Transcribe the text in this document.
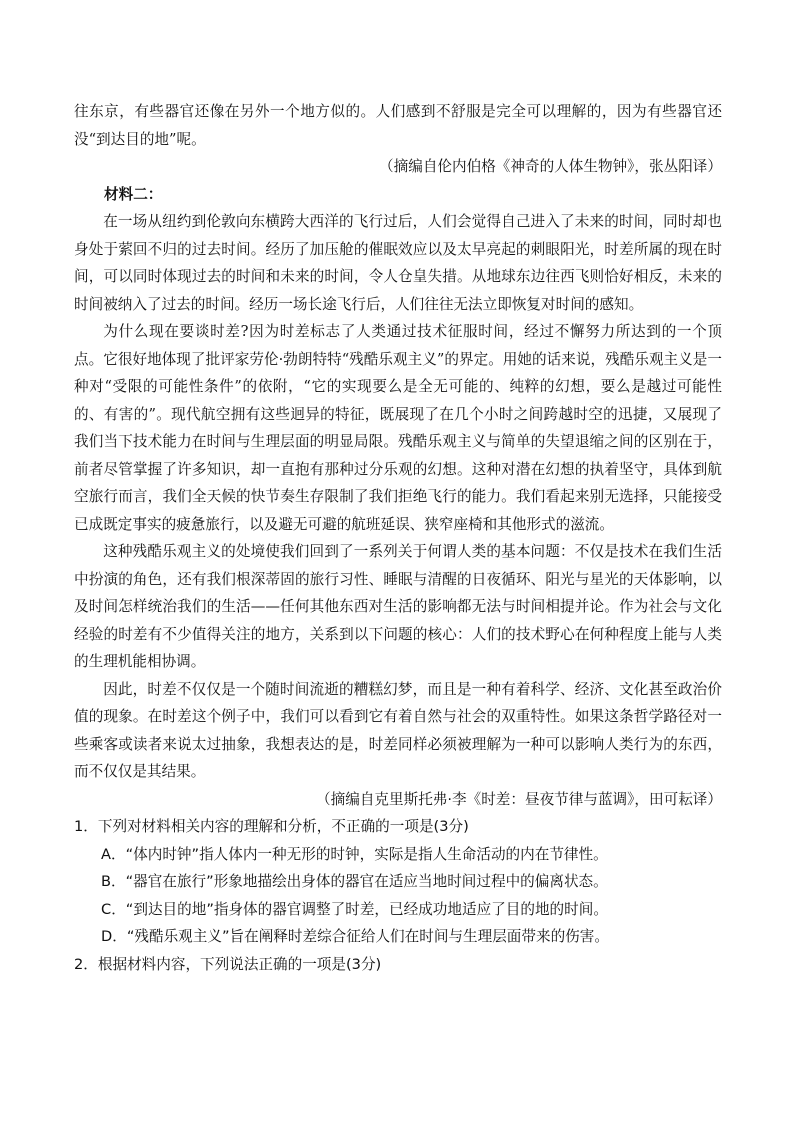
往东京，有些器官还像在另外一个地方似的。人们感到不舒服是完全可以理解的，因为有些器官还没“到达目的地”呢。

（摘编自伦内伯格《神奇的人体生物钟》，张丛阳译）

材料二：

在一场从纽约到伦敦向东横跨大西洋的飞行过后，人们会觉得自己进入了未来的时间，同时却也身处于萦回不归的过去时间。经历了加压舱的催眠效应以及太早亮起的刺眼阳光，时差所属的现在时间，可以同时体现过去的时间和未来的时间，令人仓皇失措。从地球东边往西飞则恰好相反，未来的时间被纳入了过去的时间。经历一场长途飞行后，人们往往无法立即恢复对时间的感知。

为什么现在要谈时差?因为时差标志了人类通过技术征服时间，经过不懈努力所达到的一个顶点。它很好地体现了批评家劳伦·勃朗特特“残酷乐观主义”的界定。用她的话来说，残酷乐观主义是一种对“受限的可能性条件”的依附，“它的实现要么是全无可能的、纯粹的幻想，要么是越过可能性的、有害的”。现代航空拥有这些迥异的特征，既展现了在几个小时之间跨越时空的迅捷，又展现了我们当下技术能力在时间与生理层面的明显局限。残酷乐观主义与简单的失望退缩之间的区别在于，前者尽管掌握了许多知识，却一直抱有那种过分乐观的幻想。这种对潜在幻想的执着坚守，具体到航空旅行而言，我们全天候的快节奏生存限制了我们拒绝飞行的能力。我们看起来别无选择，只能接受已成既定事实的疲惫旅行，以及避无可避的航班延误、狭窄座椅和其他形式的滋流。

这种残酷乐观主义的处境使我们回到了一系列关于何谓人类的基本问题：不仅是技术在我们生活中扮演的角色，还有我们根深蒂固的旅行习性、睡眠与清醒的日夜循环、阳光与星光的天体影响，以及时间怎样统治我们的生活——任何其他东西对生活的影响都无法与时间相提并论。作为社会与文化经验的时差有不少值得关注的地方，关系到以下问题的核心：人们的技术野心在何种程度上能与人类的生理机能相协调。

因此，时差不仅仅是一个随时间流逝的糟糕幻梦，而且是一种有着科学、经济、文化甚至政治价值的现象。在时差这个例子中，我们可以看到它有着自然与社会的双重特性。如果这条哲学路径对一些乘客或读者来说太过抽象，我想表达的是，时差同样必须被理解为一种可以影响人类行为的东西，而不仅仅是其结果。

（摘编自克里斯托弗·李《时差：昼夜节律与蓝调》，田可耘译）

1．下列对材料相关内容的理解和分析，不正确的一项是(3分)

A．“体内时钟”指人体内一种无形的时钟，实际是指人生命活动的内在节律性。

B．“器官在旅行”形象地描绘出身体的器官在适应当地时间过程中的偏离状态。

C．“到达目的地”指身体的器官调整了时差，已经成功地适应了目的地的时间。

D．“残酷乐观主义”旨在阐释时差综合征给人们在时间与生理层面带来的伤害。

2．根据材料内容，下列说法正确的一项是(3分)
